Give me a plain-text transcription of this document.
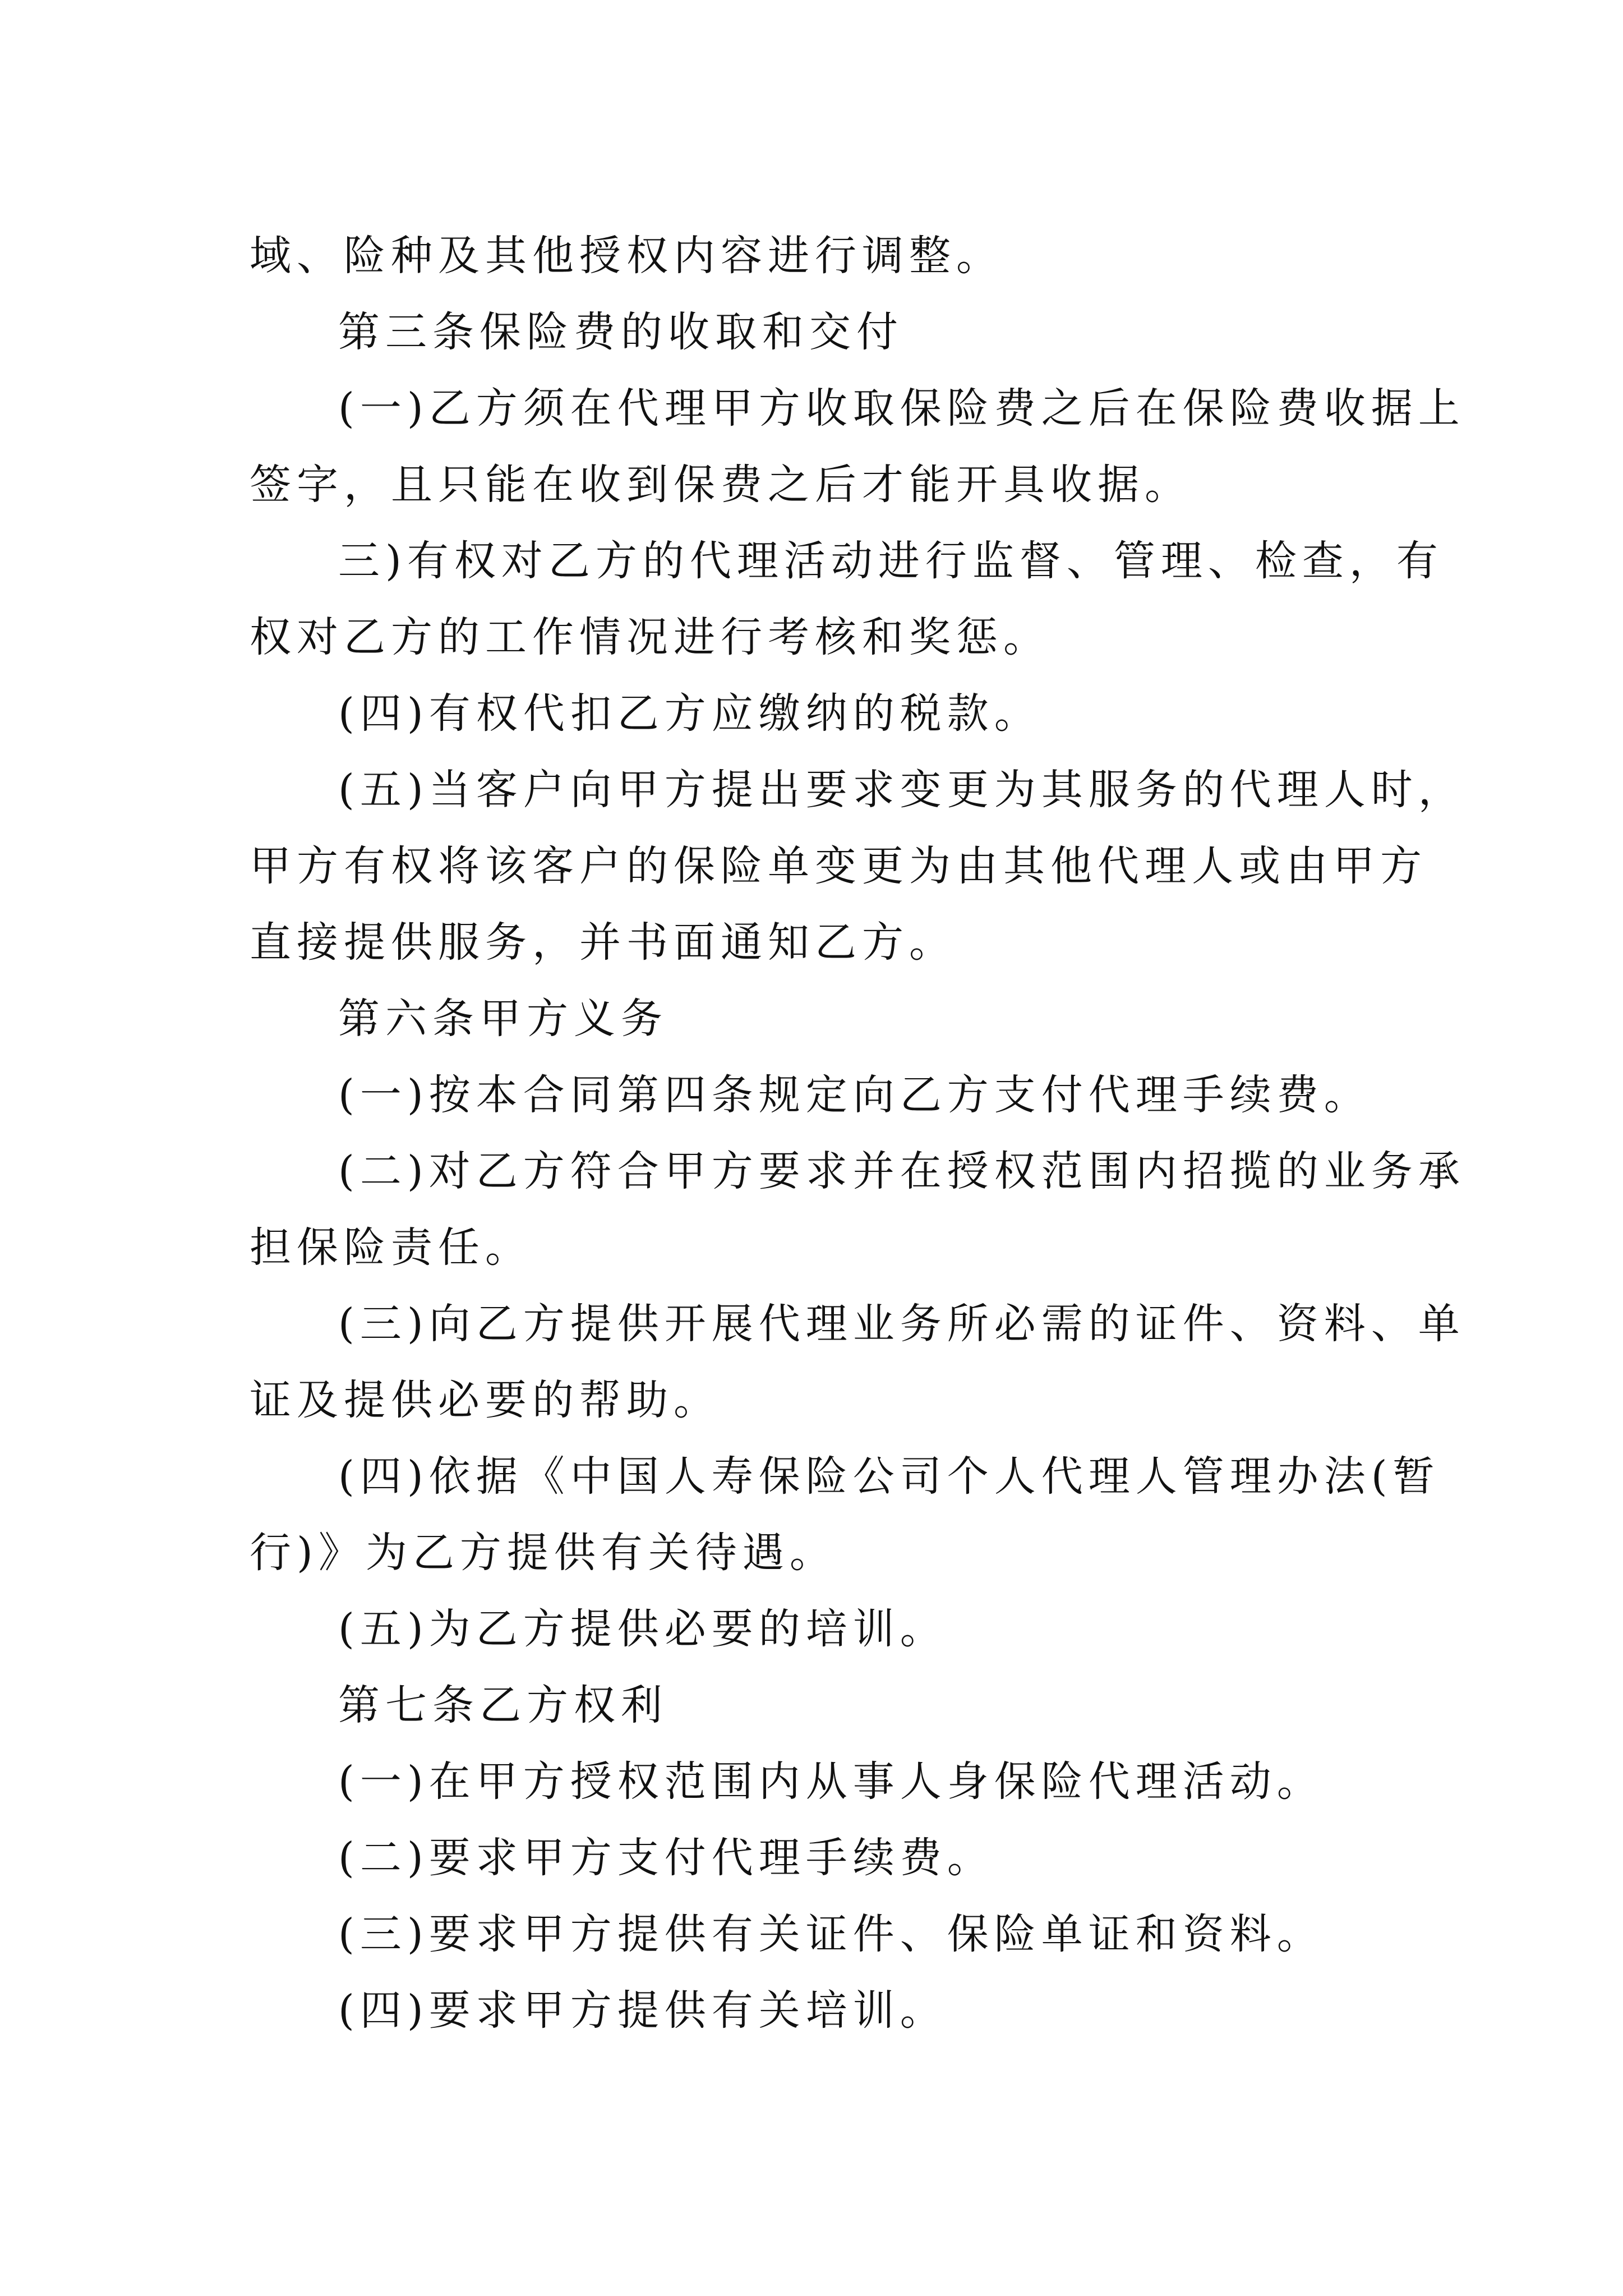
域、险种及其他授权内容进行调整。
第三条保险费的收取和交付
(一)乙方须在代理甲方收取保险费之后在保险费收据上
签字，且只能在收到保费之后才能开具收据。
三)有权对乙方的代理活动进行监督、管理、检查，有
权对乙方的工作情况进行考核和奖惩。
(四)有权代扣乙方应缴纳的税款。
(五)当客户向甲方提出要求变更为其服务的代理人时，
甲方有权将该客户的保险单变更为由其他代理人或由甲方
直接提供服务，并书面通知乙方。
第六条甲方义务
(一)按本合同第四条规定向乙方支付代理手续费。
(二)对乙方符合甲方要求并在授权范围内招揽的业务承
担保险责任。
(三)向乙方提供开展代理业务所必需的证件、资料、单
证及提供必要的帮助。
(四)依据《中国人寿保险公司个人代理人管理办法(暂
行)》为乙方提供有关待遇。
(五)为乙方提供必要的培训。
第七条乙方权利
(一)在甲方授权范围内从事人身保险代理活动。
(二)要求甲方支付代理手续费。
(三)要求甲方提供有关证件、保险单证和资料。
(四)要求甲方提供有关培训。
